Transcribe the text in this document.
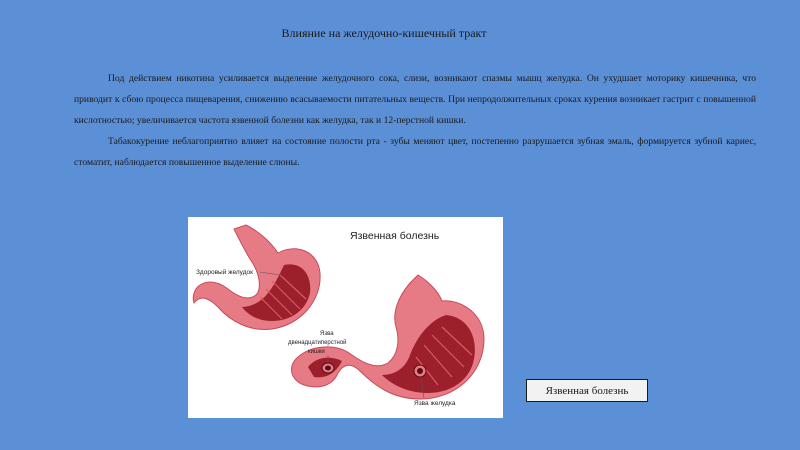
Влияние на желудочно-кишечный тракт

Под действием никотина усиливается выделение желудочного сока, слизи, возникают спазмы мышц желудка. Он ухудшает моторику кишечника, что приводит к сбою процесса пищеварения, снижению всасываемости питательных веществ. При непродолжительных сроках курения возникает гастрит с повышенной кислотностью; увеличивается частота язвенной болезни как желудка, так и 12-перстной кишки.

Табакокурение неблагоприятно влияет на состояние полости рта - зубы меняют цвет, постепенно разрушается зубная эмаль, формируется зубной кариес, стоматит, наблюдается повышенное выделение слюны.

Язвенная болезнь
Здоровый желудок
Язва
двенадцатиперстной
кишки
Язва желудка
Язвенная болезнь
